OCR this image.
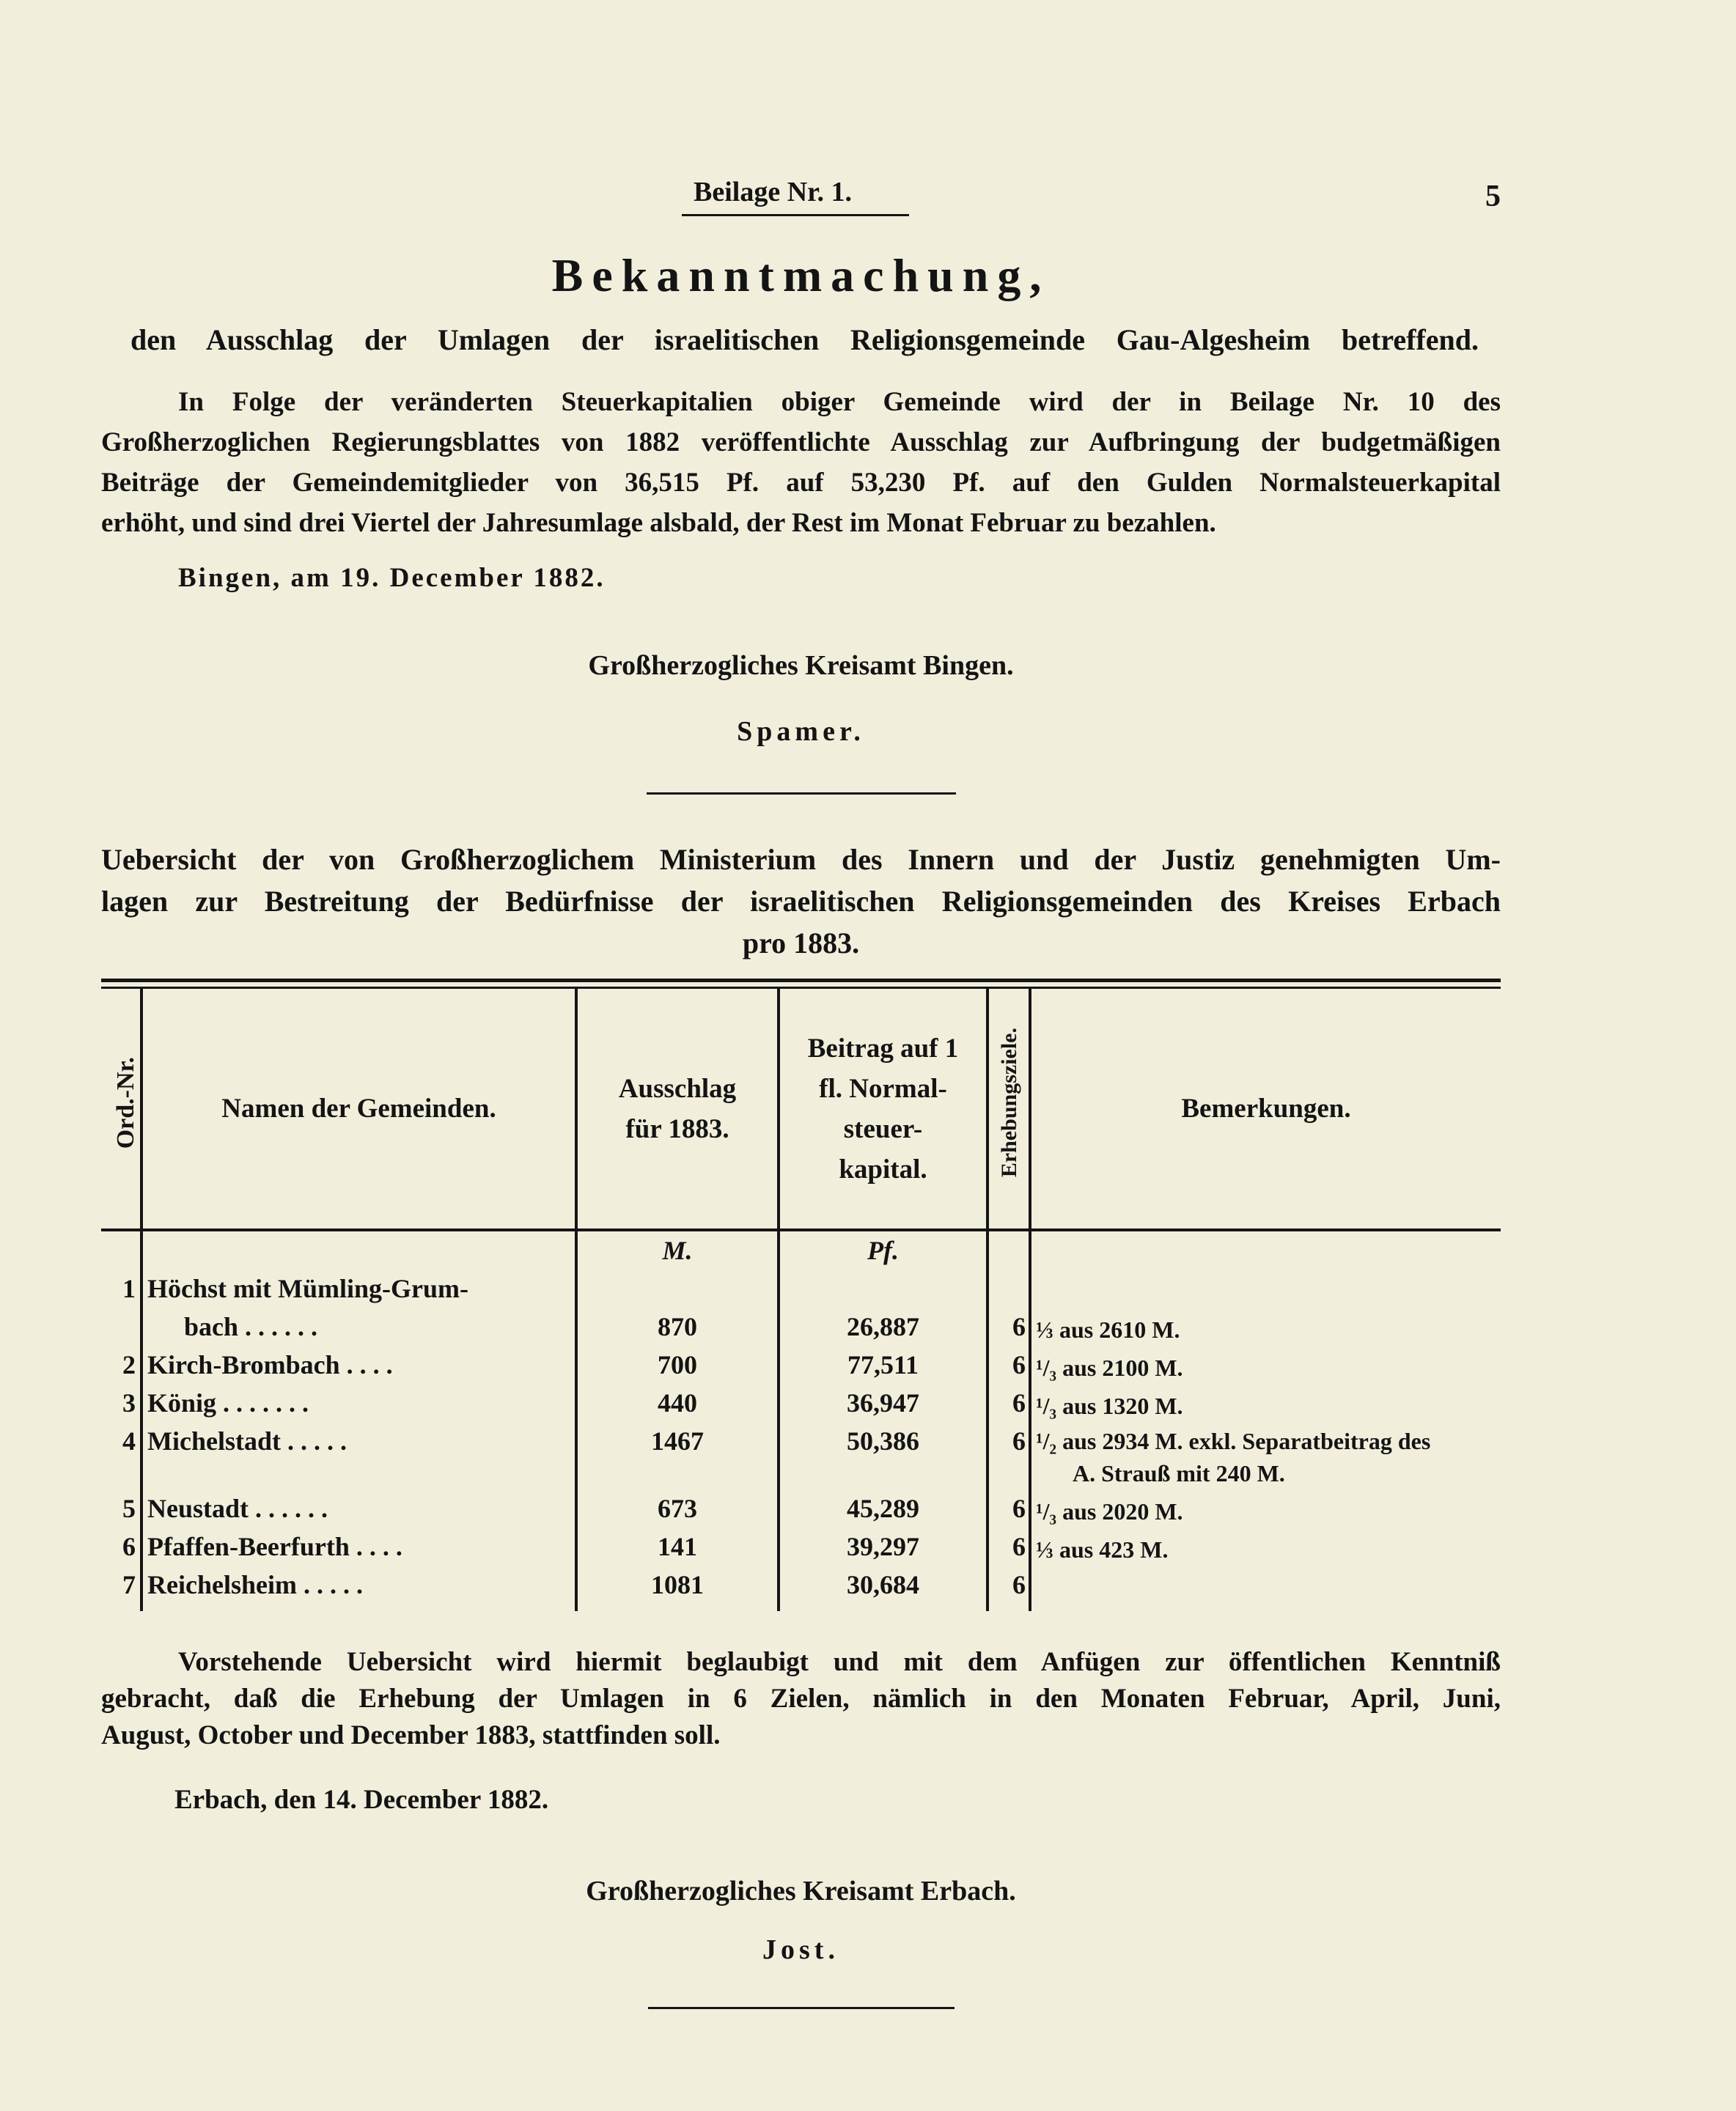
Beilage Nr. 1.	5
Bekanntmachung,
den Ausschlag der Umlagen der israelitischen Religionsgemeinde Gau-Algesheim betreffend.
In Folge der veränderten Steuerkapitalien obiger Gemeinde wird der in Beilage Nr. 10 des
Großherzoglichen Regierungsblattes von 1882 veröffentlichte Ausschlag zur Aufbringung der budgetmäßigen
Beiträge der Gemeindemitglieder von 36,515 Pf. auf 53,230 Pf. auf den Gulden Normalsteuerkapital
erhöht, und sind drei Viertel der Jahresumlage alsbald, der Rest im Monat Februar zu bezahlen.
Bingen, am 19. December 1882.
Großherzogliches Kreisamt Bingen.
Spamer.
Uebersicht der von Großherzoglichem Ministerium des Innern und der Justiz genehmigten Um-
lagen zur Bestreitung der Bedürfnisse der israelitischen Religionsgemeinden des Kreises Erbach
pro 1883.
Ord.-Nr.	Namen der Gemeinden.	Ausschlag für 1883.	Beitrag auf 1 fl. Normal- steuer- kapital.	Erhebungsziele.	Bemerkungen.
		M.	Pf.		
1	Höchst mit Mümling-Grum-
bach . . . . . .	870	26,887	6	⅓ aus 2610 M.
2	Kirch-Brombach . . . .	700	77,511	6	¹/₃ aus 2100 M.
3	König . . . . . . .	440	36,947	6	¹/₃ aus 1320 M.
4	Michelstadt . . . . .	1467	50,386	6	¹/₂ aus 2934 M. exkl. Separatbeitrag des
A. Strauß mit 240 M.

5	Neustadt . . . . . .	673	45,289	6	¹/₃ aus 2020 M.
6	Pfaffen-Beerfurth . . . .	141	39,297	6	⅓ aus 423 M.
7	Reichelsheim . . . . .	1081	30,684	6	
Vorstehende Uebersicht wird hiermit beglaubigt und mit dem Anfügen zur öffentlichen Kenntniß
gebracht, daß die Erhebung der Umlagen in 6 Zielen, nämlich in den Monaten Februar, April, Juni,
August, October und December 1883, stattfinden soll.
Erbach, den 14. December 1882.
Großherzogliches Kreisamt Erbach.
Jost.
